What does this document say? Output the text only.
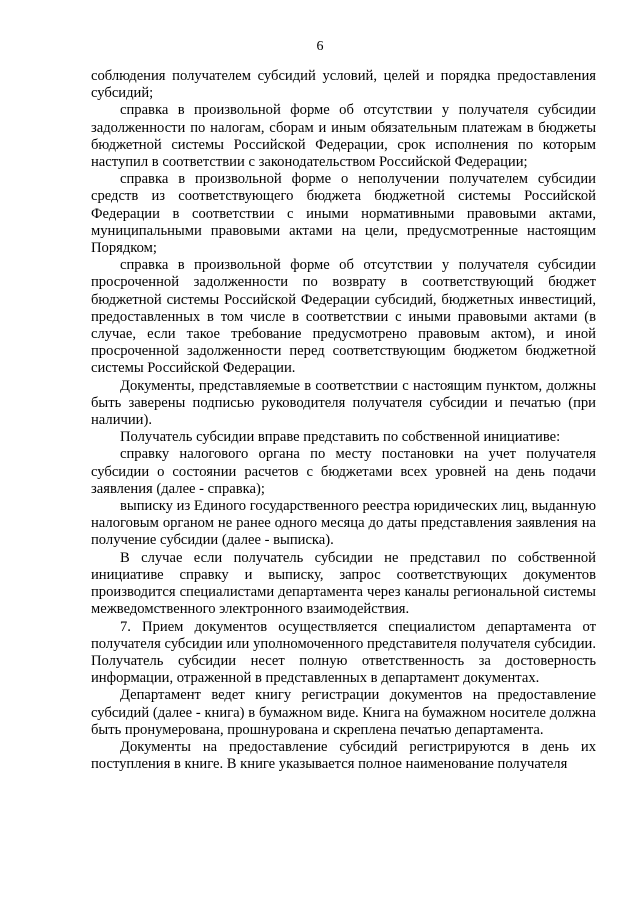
6

соблюдения получателем субсидий условий, целей и порядка предоставления субсидий;

справка в произвольной форме об отсутствии у получателя субсидии задолженности по налогам, сборам и иным обязательным платежам в бюджеты бюджетной системы Российской Федерации, срок исполнения по которым наступил в соответствии с законодательством Российской Федерации;

справка в произвольной форме о неполучении получателем субсидии средств из соответствующего бюджета бюджетной системы Российской Федерации в соответствии с иными нормативными правовыми актами, муниципальными правовыми актами на цели, предусмотренные настоящим Порядком;

справка в произвольной форме об отсутствии у получателя субсидии просроченной задолженности по возврату в соответствующий бюджет бюджетной системы Российской Федерации субсидий, бюджетных инвестиций, предоставленных в том числе в соответствии с иными правовыми актами (в случае, если такое требование предусмотрено правовым актом), и иной просроченной задолженности перед соответствующим бюджетом бюджетной системы Российской Федерации.

Документы, представляемые в соответствии с настоящим пунктом, должны быть заверены подписью руководителя получателя субсидии и печатью (при наличии).

Получатель субсидии вправе представить по собственной инициативе:

справку налогового органа по месту постановки на учет получателя субсидии о состоянии расчетов с бюджетами всех уровней на день подачи заявления (далее - справка);

выписку из Единого государственного реестра юридических лиц, выданную налоговым органом не ранее одного месяца до даты представления заявления на получение субсидии (далее - выписка).

В случае если получатель субсидии не представил по собственной инициативе справку и выписку, запрос соответствующих документов производится специалистами департамента через каналы региональной системы межведомственного электронного взаимодействия.

7. Прием документов осуществляется специалистом департамента от получателя субсидии или уполномоченного представителя получателя субсидии. Получатель субсидии несет полную ответственность за достоверность информации, отраженной в представленных в департамент документах.

Департамент ведет книгу регистрации документов на предоставление субсидий (далее - книга) в бумажном виде. Книга на бумажном носителе должна быть пронумерована, прошнурована и скреплена печатью департамента.

Документы на предоставление субсидий регистрируются в день их поступления в книге. В книге указывается полное наименование получателя
